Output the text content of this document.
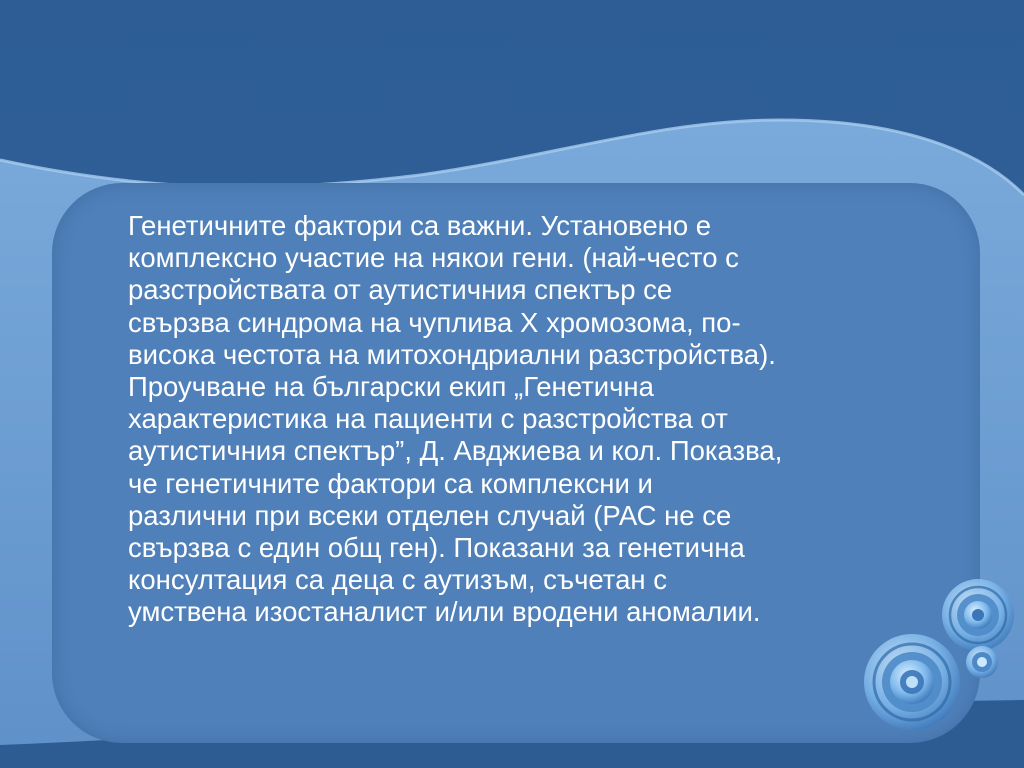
Генетичните фактори са важни. Установено е
комплексно участие на някои гени. (най-често с
разстройствата от аутистичния спектър се
свързва синдрома на чуплива Х хромозома, по-
висока честота на митохондриални разстройства).
Проучване на български екип „Генетична
характеристика на пациенти с разстройства от
аутистичния спектър”, Д. Авджиева и кол. Показва,
че генетичните фактори са комплексни и
различни при всеки отделен случай (РАС не се
свързва с един общ ген). Показани за генетична
консултация са деца с аутизъм, съчетан с
умствена изостаналист и/или вродени аномалии.
